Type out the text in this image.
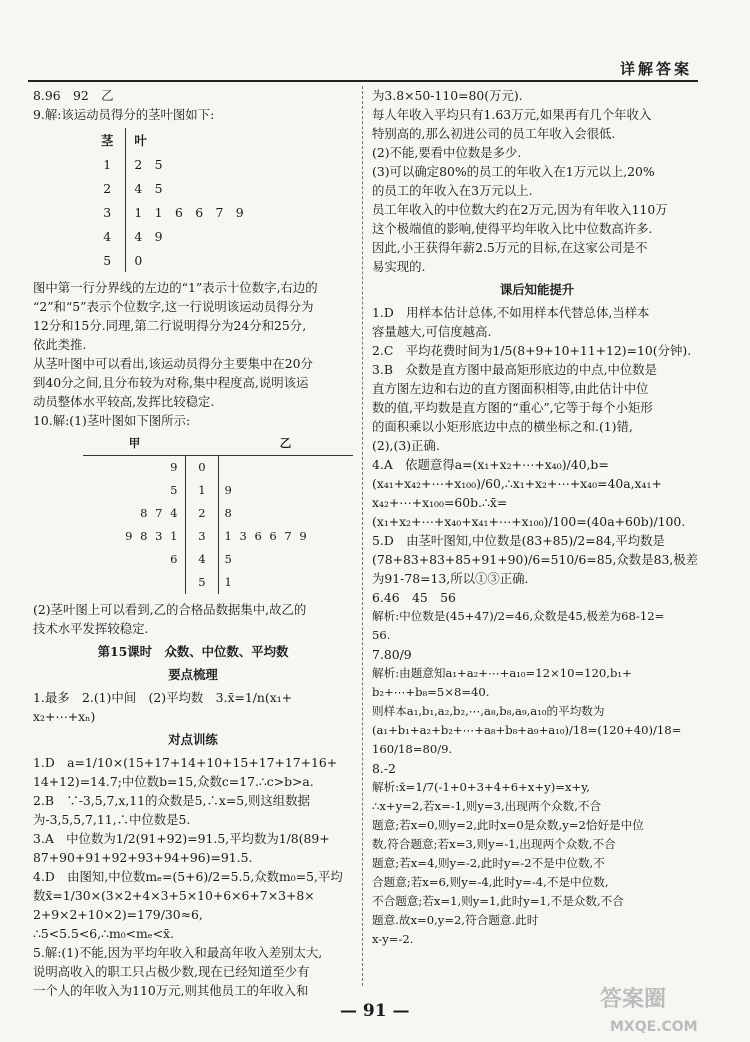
详解答案

8.96　92　乙

9.解:该运动员得分的茎叶图如下:

茎	叶
1	2　5
2	4　5
3	1　1　6　6　7　9
4	4　9
5	0

图中第一行分界线的左边的“1”表示十位数字,右边的

“2”和“5”表示个位数字,这一行说明该运动员得分为

12分和15分.同理,第二行说明得分为24分和25分,

依此类推.

从茎叶图中可以看出,该运动员得分主要集中在20分

到40分之间,且分布较为对称,集中程度高,说明该运

动员整体水平较高,发挥比较稳定.

10.解:(1)茎叶图如下图所示:

甲		乙
9	0	
5	1	9
8 7 4	2	8
9 8 3 1	3	1 3 6 6 7 9
6	4	5
	5	1

(2)茎叶图上可以看到,乙的合格品数据集中,故乙的

技术水平发挥较稳定.

第15课时　众数、中位数、平均数
要点梳理

1.最多　2.(1)中间　(2)平均数　3.x̄=1/n(x₁+

x₂+⋯+xₙ)

对点训练

1.D　a=1/10×(15+17+14+10+15+17+17+16+

14+12)=14.7;中位数b=15,众数c=17.∴c>b>a.

2.B　∵-3,5,7,x,11的众数是5,∴x=5,则这组数据

为-3,5,5,7,11,∴中位数是5.

3.A　中位数为1/2(91+92)=91.5,平均数为1/8(89+

87+90+91+92+93+94+96)=91.5.

4.D　由图知,中位数mₑ=(5+6)/2=5.5,众数m₀=5,平均

数x̄=1/30×(3×2+4×3+5×10+6×6+7×3+8×

2+9×2+10×2)=179/30≈6,

∴5<5.5<6,∴m₀<mₑ<x̄.

5.解:(1)不能,因为平均年收入和最高年收入差别太大,

说明高收入的职工只占极少数,现在已经知道至少有

一个人的年收入为110万元,则其他员工的年收入和

为3.8×50-110=80(万元).

每人年收入平均只有1.63万元,如果再有几个年收入

特别高的,那么初进公司的员工年收入会很低.

(2)不能,要看中位数是多少.

(3)可以确定80%的员工的年收入在1万元以上,20%

的员工的年收入在3万元以上.

员工年收入的中位数大约在2万元,因为有年收入110万

这个极端值的影响,使得平均年收入比中位数高许多.

因此,小王获得年薪2.5万元的目标,在这家公司是不

易实现的.

课后知能提升

1.D　用样本估计总体,不如用样本代替总体,当样本

容量越大,可信度越高.

2.C　平均花费时间为1/5(8+9+10+11+12)=10(分钟).

3.B　众数是直方图中最高矩形底边的中点,中位数是

直方图左边和右边的直方图面积相等,由此估计中位

数的值,平均数是直方图的“重心”,它等于每个小矩形

的面积乘以小矩形底边中点的横坐标之和.(1)错,

(2),(3)正确.

4.A　依题意得a=(x₁+x₂+⋯+x₄₀)/40,b=

(x₄₁+x₄₂+⋯+x₁₀₀)/60,∴x₁+x₂+⋯+x₄₀=40a,x₄₁+

x₄₂+⋯+x₁₀₀=60b.∴x̄=

(x₁+x₂+⋯+x₄₀+x₄₁+⋯+x₁₀₀)/100=(40a+60b)/100.

5.D　由茎叶图知,中位数是(83+85)/2=84,平均数是

(78+83+83+85+91+90)/6=510/6=85,众数是83,极差

为91-78=13,所以①③正确.

6.46　45　56

解析:中位数是(45+47)/2=46,众数是45,极差为68-12=

56.

7.80/9

解析:由题意知a₁+a₂+⋯+a₁₀=12×10=120,b₁+

b₂+⋯+b₈=5×8=40.

则样本a₁,b₁,a₂,b₂,⋯,a₈,b₈,a₉,a₁₀的平均数为

(a₁+b₁+a₂+b₂+⋯+a₈+b₈+a₉+a₁₀)/18=(120+40)/18=

160/18=80/9.

8.-2

解析:x̄=1/7(-1+0+3+4+6+x+y)=x+y,

∴x+y=2,若x=-1,则y=3,出现两个众数,不合

题意;若x=0,则y=2,此时x=0是众数,y=2恰好是中位

数,符合题意;若x=3,则y=-1,出现两个众数,不合

题意;若x=4,则y=-2,此时y=-2不是中位数,不

合题意;若x=6,则y=-4,此时y=-4,不是中位数,

不合题意;若x=1,则y=1,此时y=1,不是众数,不合

题意.故x=0,y=2,符合题意.此时

x-y=-2.

— 91 —	答案圈
MXQE.COM
